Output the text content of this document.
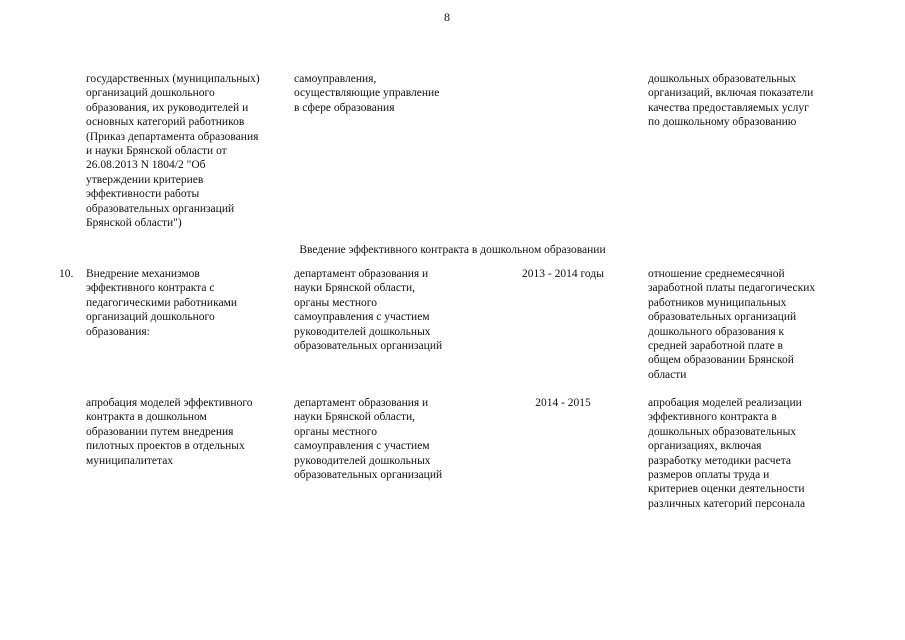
8
государственных (муниципальных)
организаций дошкольного
образования, их руководителей и
основных категорий работников
(Приказ департамента образования
и науки Брянской области от
26.08.2013 N 1804/2 "Об
утверждении критериев
эффективности работы
образовательных организаций
Брянской области")
самоуправления,
осуществляющие управление
в сфере образования
дошкольных образовательных
организаций, включая показатели
качества предоставляемых услуг
по дошкольному образованию
Введение эффективного контракта в дошкольном образовании
10. Внедрение механизмов
эффективного контракта с
педагогическими работниками
организаций дошкольного
образования:
департамент образования и
науки Брянской области,
органы местного
самоуправления с участием
руководителей дошкольных
образовательных организаций
2013 - 2014 годы	отношение среднемесячной
заработной платы педагогических
работников муниципальных
образовательных организаций
дошкольного образования к
средней заработной плате в
общем образовании Брянской
области
апробация моделей эффективного
контракта в дошкольном
образовании путем внедрения
пилотных проектов в отдельных
муниципалитетах
департамент образования и
науки Брянской области,
органы местного
самоуправления с участием
руководителей дошкольных
образовательных организаций
2014 - 2015	апробация моделей реализации
эффективного контракта в
дошкольных образовательных
организациях, включая
разработку методики расчета
размеров оплаты труда и
критериев оценки деятельности
различных категорий персонала
